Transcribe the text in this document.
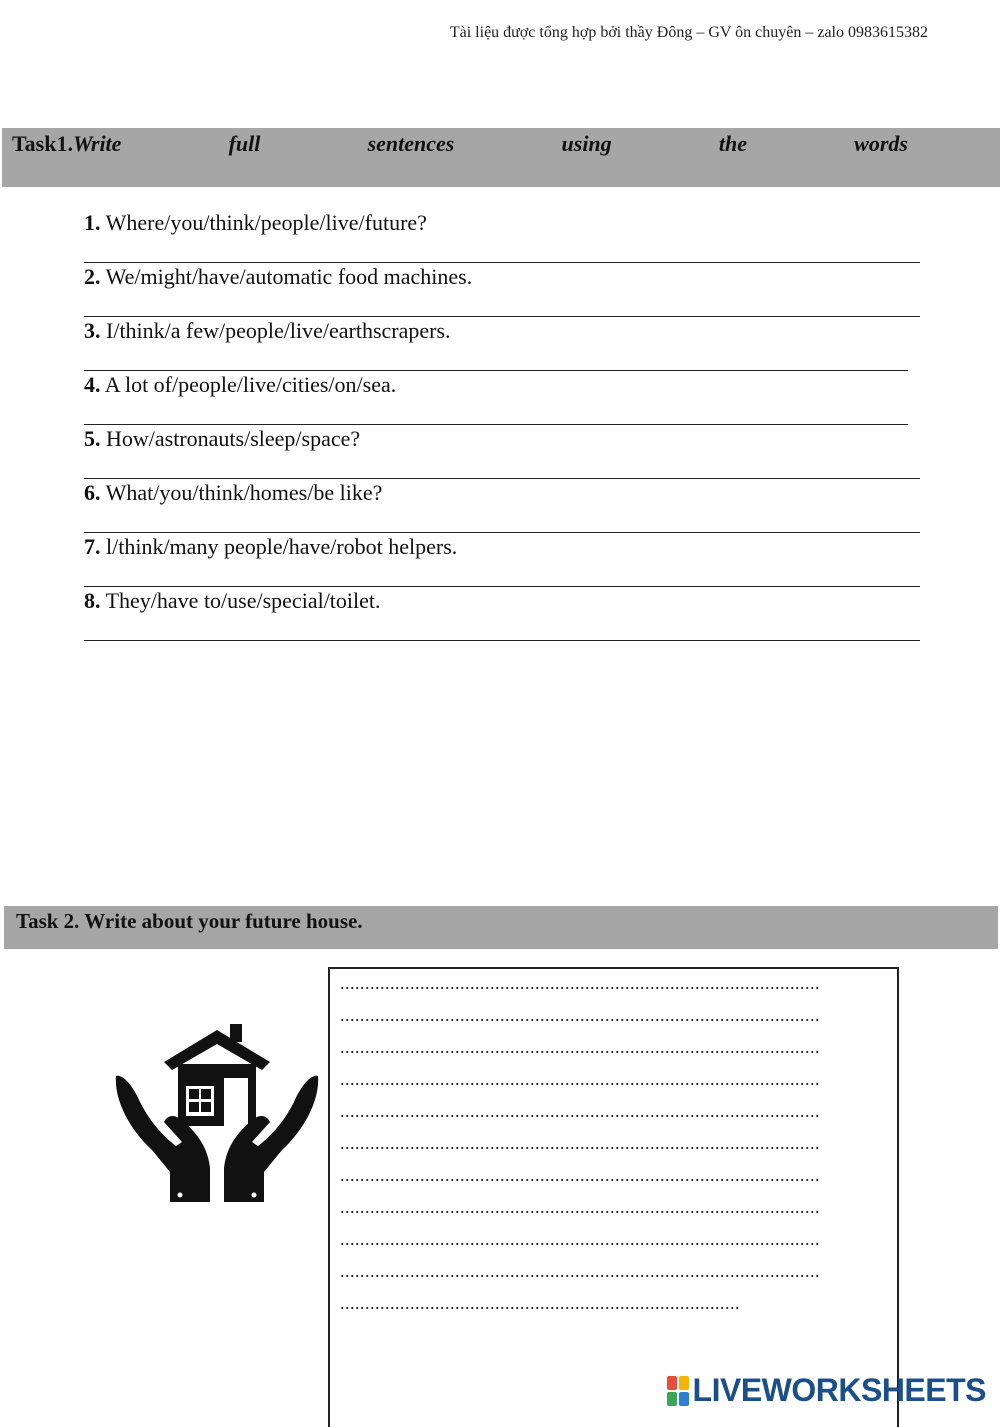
Tài liệu được tổng hợp bởi thầy Đông – GV ôn chuyên – zalo 0983615382
Task1.Write	full	sentences	using	the	words
1. Where/you/think/people/live/future?
2. We/might/have/automatic food machines.
3. I/think/a few/people/live/earthscrapers.
4. A lot of/people/live/cities/on/sea.
5. How/astronauts/sleep/space?
6. What/you/think/homes/be like?
7. l/think/many people/have/robot helpers.
8. They/have to/use/special/toilet.
Task 2. Write about your future house.
................................................................................................
................................................................................................
................................................................................................
................................................................................................
................................................................................................
................................................................................................
................................................................................................
................................................................................................
................................................................................................
................................................................................................
................................................................................
LIVEWORKSHEETS
